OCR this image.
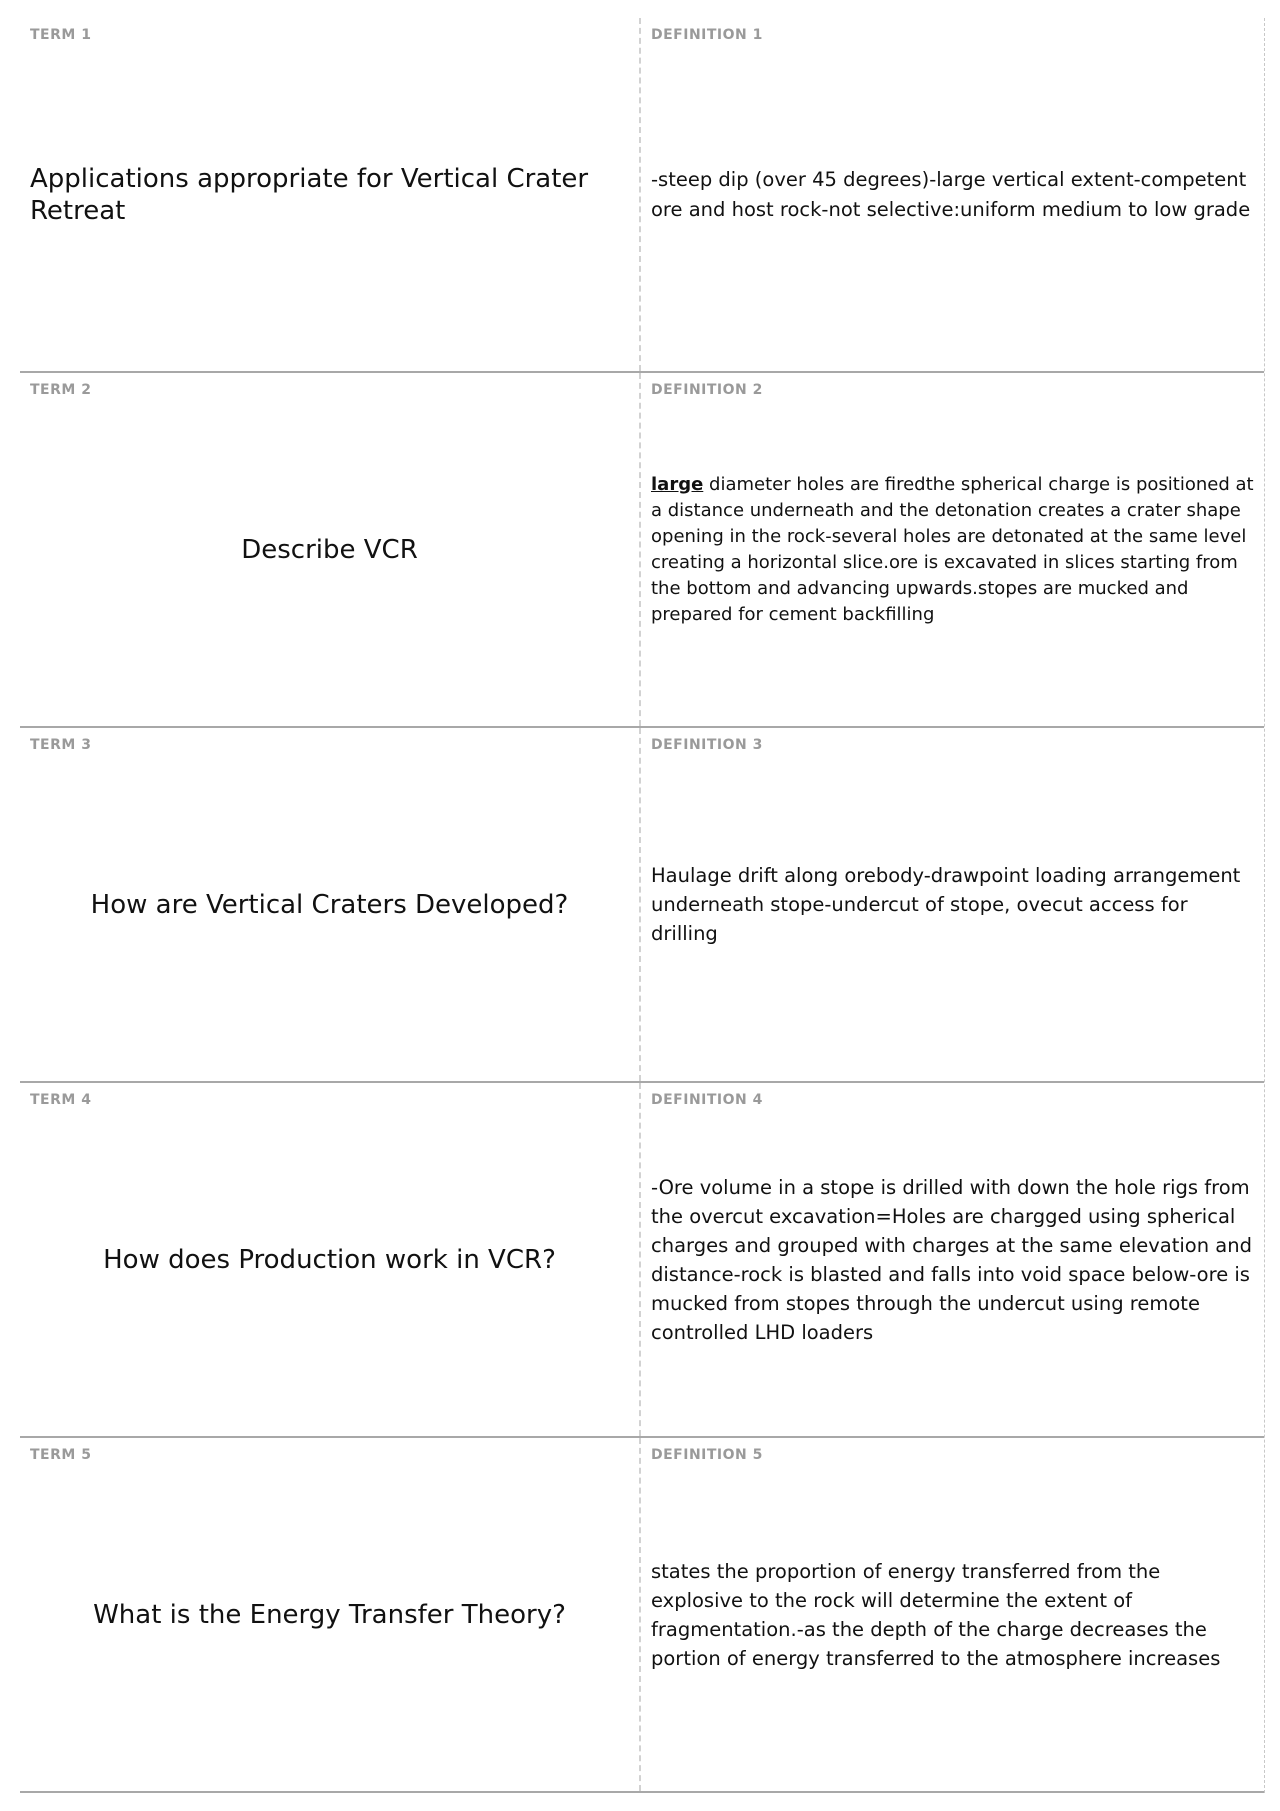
TERM 1
Applications appropriate for Vertical Crater Retreat
DEFINITION 1
-steep dip (over 45 degrees)-large vertical extent-competent ore and host rock-not selective:uniform medium to low grade
TERM 2
Describe VCR
DEFINITION 2
large diameter holes are firedthe spherical charge is positioned at a distance underneath and the detonation creates a crater shape opening in the rock-several holes are detonated at the same level creating a horizontal slice.ore is excavated in slices starting from the bottom and advancing upwards.stopes are mucked and prepared for cement backfilling
TERM 3
How are Vertical Craters Developed?
DEFINITION 3
Haulage drift along orebody-drawpoint loading arrangement underneath stope-undercut of stope, ovecut access for drilling
TERM 4
How does Production work in VCR?
DEFINITION 4
-Ore volume in a stope is drilled with down the hole rigs from the overcut excavation=Holes are chargged using spherical charges and grouped with charges at the same elevation and distance-rock is blasted and falls into void space below-ore is mucked from stopes through the undercut using remote controlled LHD loaders
TERM 5
What is the Energy Transfer Theory?
DEFINITION 5
states the proportion of energy transferred from the explosive to the rock will determine the extent of fragmentation.-as the depth of the charge decreases the portion of energy transferred to the atmosphere increases
